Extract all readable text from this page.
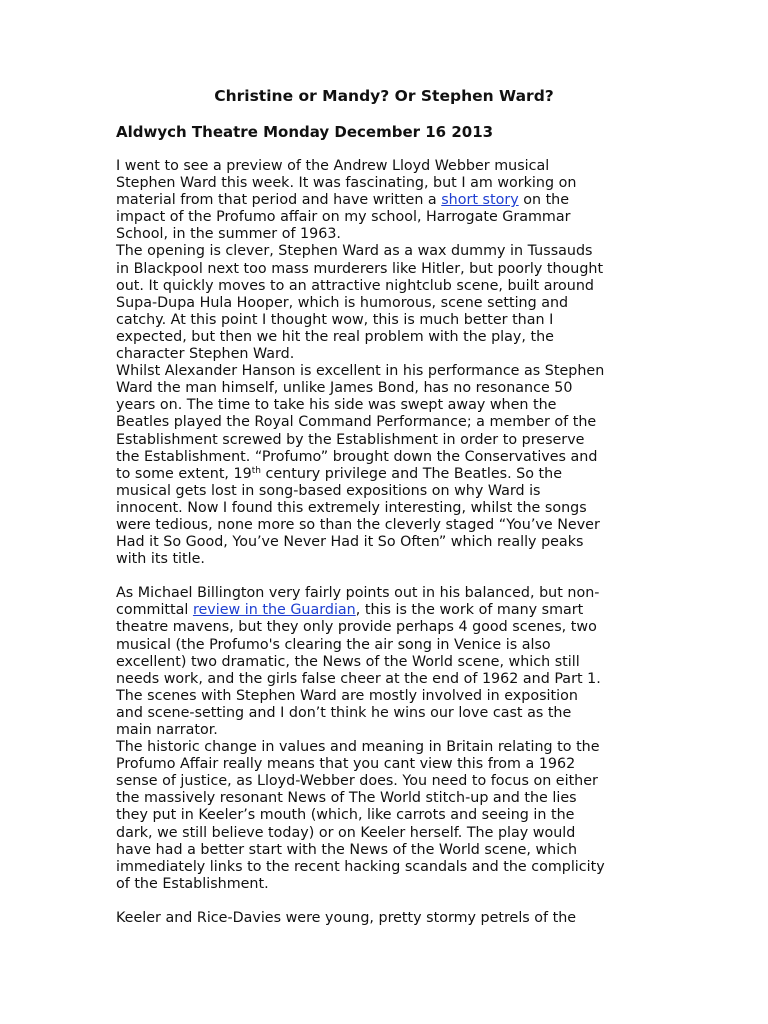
Christine or Mandy? Or Stephen Ward?
Aldwych Theatre Monday December 16 2013

I went to see a preview of the Andrew Lloyd Webber musical
Stephen Ward this week. It was fascinating, but I am working on
material from that period and have written a short story on the
impact of the Profumo affair on my school, Harrogate Grammar
School, in the summer of 1963.

The opening is clever, Stephen Ward as a wax dummy in Tussauds
in Blackpool next too mass murderers like Hitler, but poorly thought
out. It quickly moves to an attractive nightclub scene, built around
Supa-Dupa Hula Hooper, which is humorous, scene setting and
catchy. At this point I thought wow, this is much better than I
expected, but then we hit the real problem with the play, the
character Stephen Ward.

Whilst Alexander Hanson is excellent in his performance as Stephen
Ward the man himself, unlike James Bond, has no resonance 50
years on. The time to take his side was swept away when the
Beatles played the Royal Command Performance; a member of the
Establishment screwed by the Establishment in order to preserve
the Establishment. “Profumo” brought down the Conservatives and
to some extent, 19th century privilege and The Beatles. So the
musical gets lost in song-based expositions on why Ward is
innocent. Now I found this extremely interesting, whilst the songs
were tedious, none more so than the cleverly staged “You’ve Never
Had it So Good, You’ve Never Had it So Often” which really peaks
with its title.

As Michael Billington very fairly points out in his balanced, but non-
committal review in the Guardian, this is the work of many smart
theatre mavens, but they only provide perhaps 4 good scenes, two
musical (the Profumo's clearing the air song in Venice is also
excellent) two dramatic, the News of the World scene, which still
needs work, and the girls false cheer at the end of 1962 and Part 1.
The scenes with Stephen Ward are mostly involved in exposition
and scene-setting and I don’t think he wins our love cast as the
main narrator.

The historic change in values and meaning in Britain relating to the
Profumo Affair really means that you cant view this from a 1962
sense of justice, as Lloyd-Webber does. You need to focus on either
the massively resonant News of The World stitch-up and the lies
they put in Keeler’s mouth (which, like carrots and seeing in the
dark, we still believe today) or on Keeler herself. The play would
have had a better start with the News of the World scene, which
immediately links to the recent hacking scandals and the complicity
of the Establishment.

Keeler and Rice-Davies were young, pretty stormy petrels of the
